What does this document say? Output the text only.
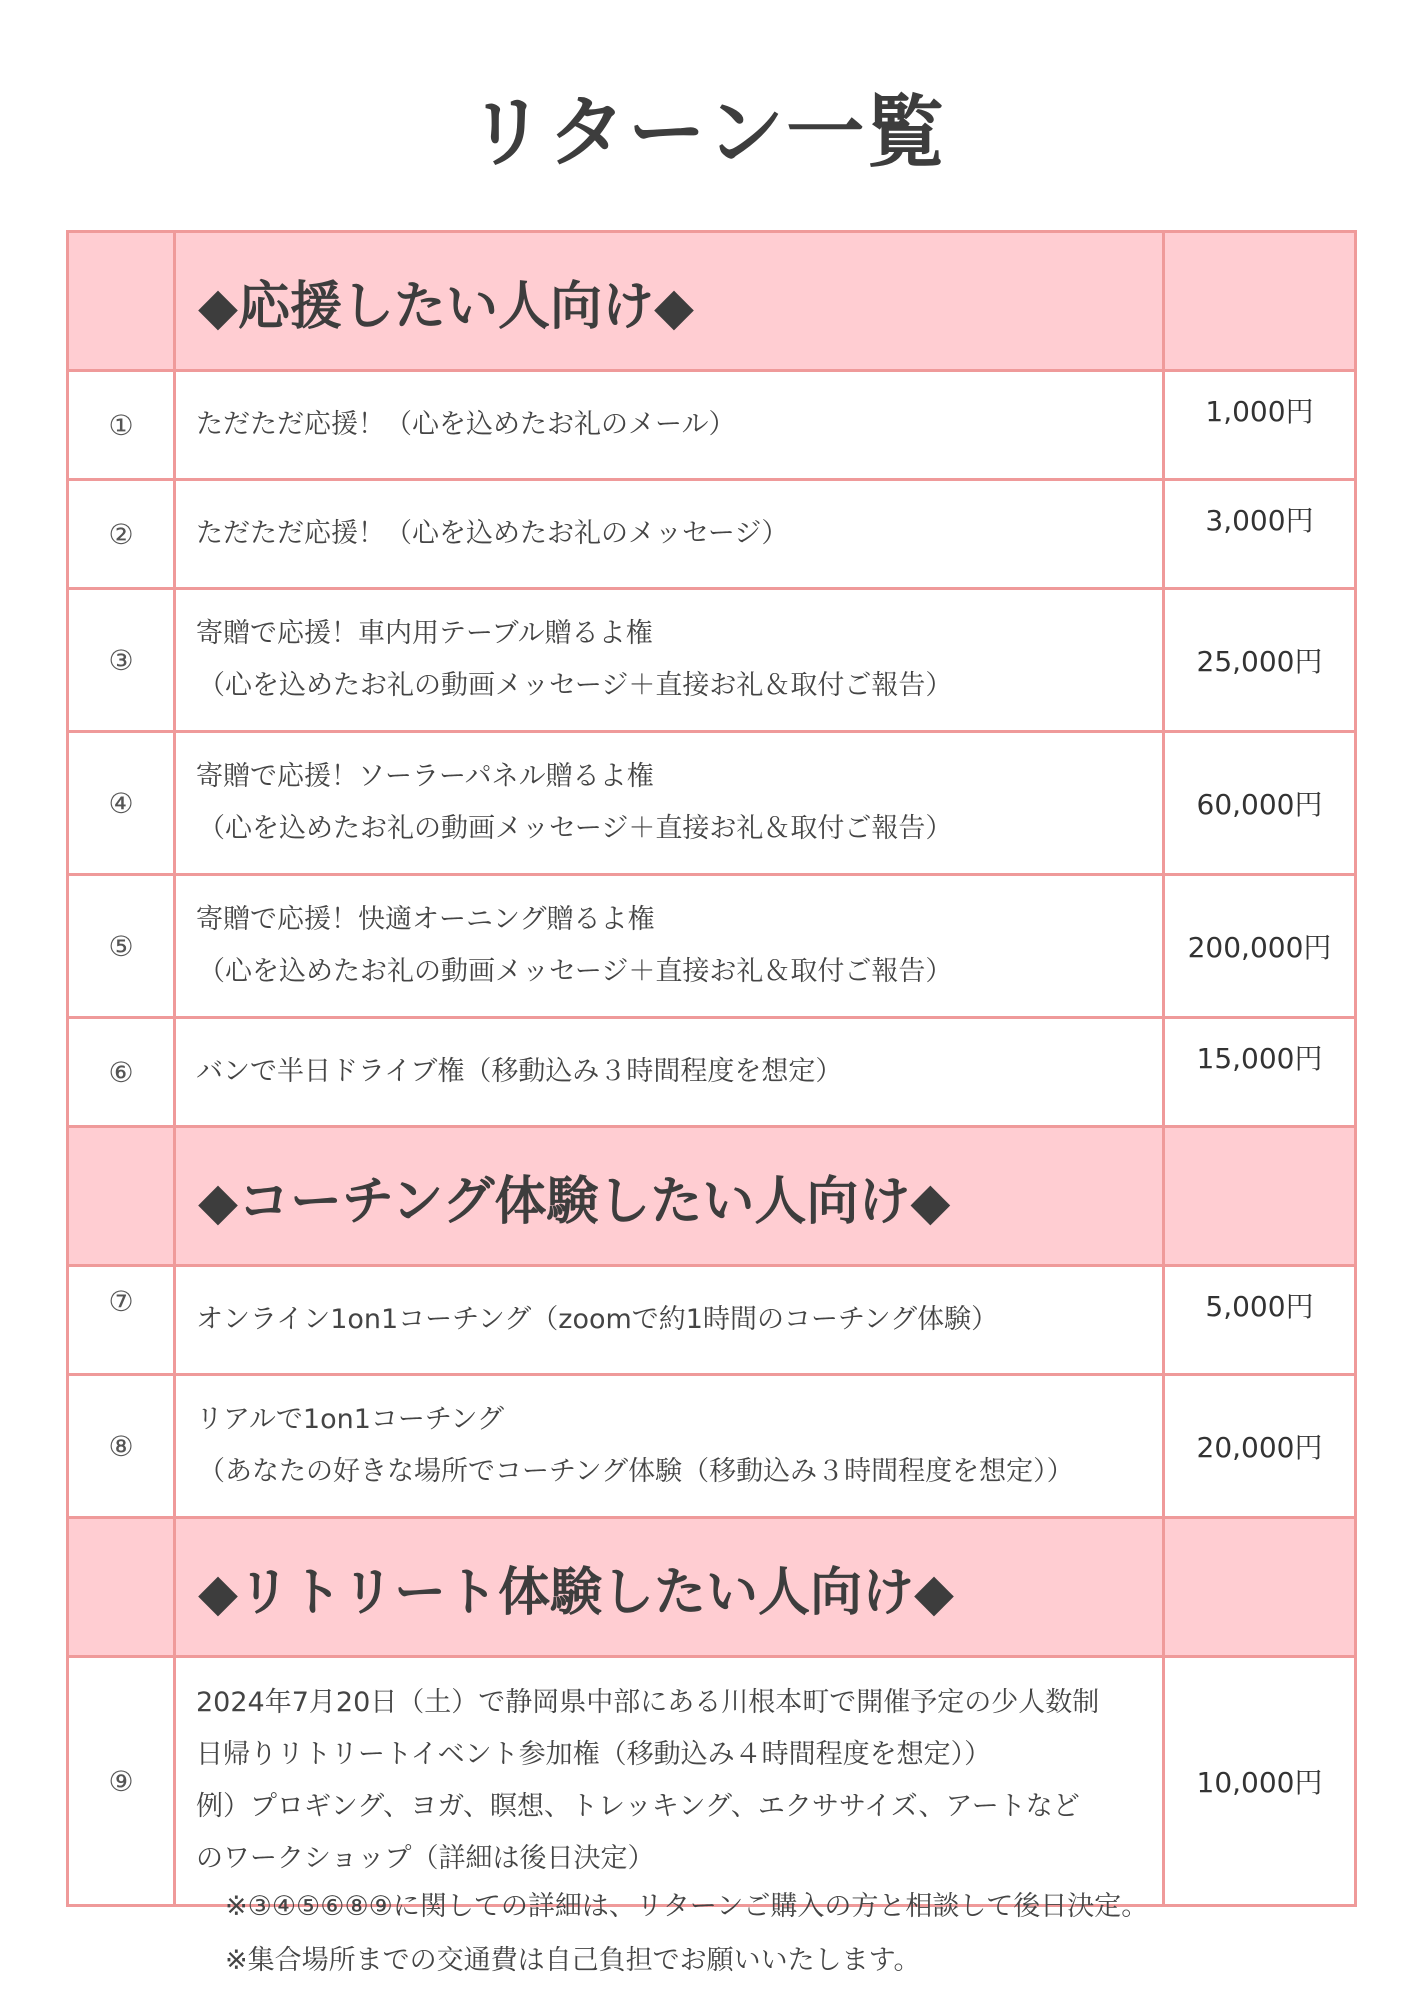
リターン一覧
	◆応援したい人向け◆	
①	ただただ応援！（心を込めたお礼のメール）	1,000円
②	ただただ応援！（心を込めたお礼のメッセージ）	3,000円
③	寄贈で応援！車内用テーブル贈るよ権
（心を込めたお礼の動画メッセージ＋直接お礼＆取付ご報告）	25,000円
④	寄贈で応援！ソーラーパネル贈るよ権
（心を込めたお礼の動画メッセージ＋直接お礼＆取付ご報告）	60,000円
⑤	寄贈で応援！快適オーニング贈るよ権
（心を込めたお礼の動画メッセージ＋直接お礼＆取付ご報告）	200,000円
⑥	バンで半日ドライブ権（移動込み３時間程度を想定）	15,000円
	◆コーチング体験したい人向け◆	
⑦	オンライン1on1コーチング（zoomで約1時間のコーチング体験）	5,000円
⑧	リアルで1on1コーチング
（あなたの好きな場所でコーチング体験（移動込み３時間程度を想定））	20,000円
	◆リトリート体験したい人向け◆	
⑨	2024年7月20日（土）で静岡県中部にある川根本町で開催予定の少人数制
日帰りリトリートイベント参加権（移動込み４時間程度を想定））
例）プロギング、ヨガ、瞑想、トレッキング、エクササイズ、アートなど
のワークショップ（詳細は後日決定）	10,000円
※③④⑤⑥⑧⑨に関しての詳細は、リターンご購入の方と相談して後日決定。
※集合場所までの交通費は自己負担でお願いいたします。
